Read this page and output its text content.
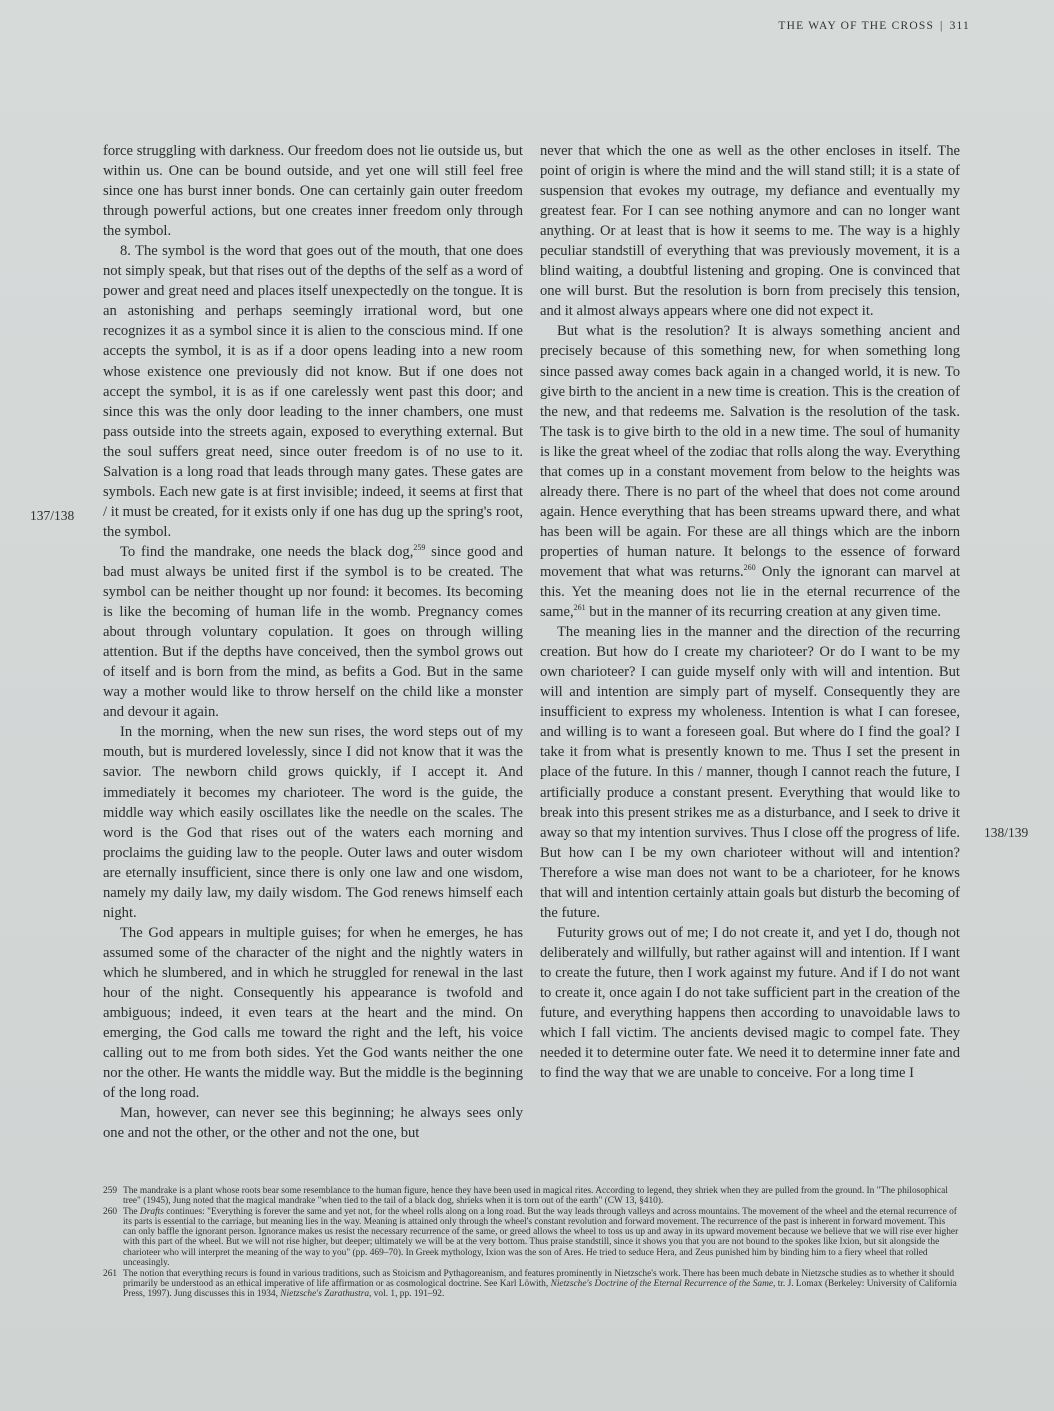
THE WAY OF THE CROSS | 311
137/138
138/139

force struggling with darkness. Our freedom does not lie outside us, but within us. One can be bound outside, and yet one will still feel free since one has burst inner bonds. One can certainly gain outer freedom through powerful actions, but one creates inner freedom only through the symbol.

8. The symbol is the word that goes out of the mouth, that one does not simply speak, but that rises out of the depths of the self as a word of power and great need and places itself unexpectedly on the tongue. It is an astonishing and perhaps seemingly irrational word, but one recognizes it as a symbol since it is alien to the conscious mind. If one accepts the symbol, it is as if a door opens leading into a new room whose existence one previously did not know. But if one does not accept the symbol, it is as if one carelessly went past this door; and since this was the only door leading to the inner chambers, one must pass outside into the streets again, exposed to everything external. But the soul suffers great need, since outer freedom is of no use to it. Salvation is a long road that leads through many gates. These gates are symbols. Each new gate is at first invisible; indeed, it seems at first that / it must be created, for it exists only if one has dug up the spring's root, the symbol.

To find the mandrake, one needs the black dog,$^{259}$ since good and bad must always be united first if the symbol is to be created. The symbol can be neither thought up nor found: it becomes. Its becoming is like the becoming of human life in the womb. Pregnancy comes about through voluntary copulation. It goes on through willing attention. But if the depths have conceived, then the symbol grows out of itself and is born from the mind, as befits a God. But in the same way a mother would like to throw herself on the child like a monster and devour it again.

In the morning, when the new sun rises, the word steps out of my mouth, but is murdered lovelessly, since I did not know that it was the savior. The newborn child grows quickly, if I accept it. And immediately it becomes my charioteer. The word is the guide, the middle way which easily oscillates like the needle on the scales. The word is the God that rises out of the waters each morning and proclaims the guiding law to the people. Outer laws and outer wisdom are eternally insufficient, since there is only one law and one wisdom, namely my daily law, my daily wisdom. The God renews himself each night.

The God appears in multiple guises; for when he emerges, he has assumed some of the character of the night and the nightly waters in which he slumbered, and in which he struggled for renewal in the last hour of the night. Consequently his appearance is twofold and ambiguous; indeed, it even tears at the heart and the mind. On emerging, the God calls me toward the right and the left, his voice calling out to me from both sides. Yet the God wants neither the one nor the other. He wants the middle way. But the middle is the beginning of the long road.

Man, however, can never see this beginning; he always sees only one and not the other, or the other and not the one, but

never that which the one as well as the other encloses in itself. The point of origin is where the mind and the will stand still; it is a state of suspension that evokes my outrage, my defiance and eventually my greatest fear. For I can see nothing anymore and can no longer want anything. Or at least that is how it seems to me. The way is a highly peculiar standstill of everything that was previously movement, it is a blind waiting, a doubtful listening and groping. One is convinced that one will burst. But the resolution is born from precisely this tension, and it almost always appears where one did not expect it.

But what is the resolution? It is always something ancient and precisely because of this something new, for when something long since passed away comes back again in a changed world, it is new. To give birth to the ancient in a new time is creation. This is the creation of the new, and that redeems me. Salvation is the resolution of the task. The task is to give birth to the old in a new time. The soul of humanity is like the great wheel of the zodiac that rolls along the way. Everything that comes up in a constant movement from below to the heights was already there. There is no part of the wheel that does not come around again. Hence everything that has been streams upward there, and what has been will be again. For these are all things which are the inborn properties of human nature. It belongs to the essence of forward movement that what was returns.$^{260}$ Only the ignorant can marvel at this. Yet the meaning does not lie in the eternal recurrence of the same,$^{261}$ but in the manner of its recurring creation at any given time.

The meaning lies in the manner and the direction of the recurring creation. But how do I create my charioteer? Or do I want to be my own charioteer? I can guide myself only with will and intention. But will and intention are simply part of myself. Consequently they are insufficient to express my wholeness. Intention is what I can foresee, and willing is to want a foreseen goal. But where do I find the goal? I take it from what is presently known to me. Thus I set the present in place of the future. In this / manner, though I cannot reach the future, I artificially produce a constant present. Everything that would like to break into this present strikes me as a disturbance, and I seek to drive it away so that my intention survives. Thus I close off the progress of life. But how can I be my own charioteer without will and intention? Therefore a wise man does not want to be a charioteer, for he knows that will and intention certainly attain goals but disturb the becoming of the future.

Futurity grows out of me; I do not create it, and yet I do, though not deliberately and willfully, but rather against will and intention. If I want to create the future, then I work against my future. And if I do not want to create it, once again I do not take sufficient part in the creation of the future, and everything happens then according to unavoidable laws to which I fall victim. The ancients devised magic to compel fate. They needed it to determine outer fate. We need it to determine inner fate and to find the way that we are unable to conceive. For a long time I

259 The mandrake is a plant whose roots bear some resemblance to the human figure, hence they have been used in magical rites. According to legend, they shriek when they are pulled from the ground. In "The philosophical tree" (1945), Jung noted that the magical mandrake "when tied to the tail of a black dog, shrieks when it is torn out of the earth" (CW 13, §410).
260 The Drafts continues: "Everything is forever the same and yet not, for the wheel rolls along on a long road. But the way leads through valleys and across mountains. The movement of the wheel and the eternal recurrence of its parts is essential to the carriage, but meaning lies in the way. Meaning is attained only through the wheel's constant revolution and forward movement. The recurrence of the past is inherent in forward movement. This can only baffle the ignorant person. Ignorance makes us resist the necessary recurrence of the same, or greed allows the wheel to toss us up and away in its upward movement because we believe that we will rise ever higher with this part of the wheel. But we will not rise higher, but deeper; ultimately we will be at the very bottom. Thus praise standstill, since it shows you that you are not bound to the spokes like Ixion, but sit alongside the charioteer who will interpret the meaning of the way to you" (pp. 469–70). In Greek mythology, Ixion was the son of Ares. He tried to seduce Hera, and Zeus punished him by binding him to a fiery wheel that rolled unceasingly.
261 The notion that everything recurs is found in various traditions, such as Stoicism and Pythagoreanism, and features prominently in Nietzsche's work. There has been much debate in Nietzsche studies as to whether it should primarily be understood as an ethical imperative of life affirmation or as cosmological doctrine. See Karl Löwith, Nietzsche's Doctrine of the Eternal Recurrence of the Same, tr. J. Lomax (Berkeley: University of California Press, 1997). Jung discusses this in 1934, Nietzsche's Zarathustra, vol. 1, pp. 191–92.
